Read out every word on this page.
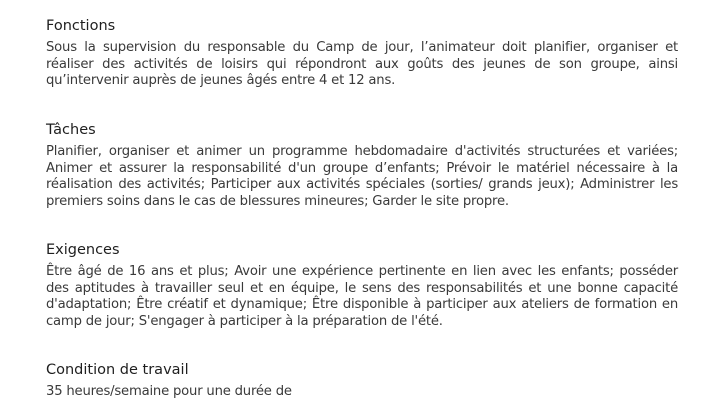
Fonctions

Sous la supervision du responsable du Camp de jour, l’animateur doit planifier, organiser et réaliser des activités de loisirs qui répondront aux goûts des jeunes de son groupe, ainsi qu’intervenir auprès de jeunes âgés entre 4 et 12 ans.

Tâches

Planifier, organiser et animer un programme hebdomadaire d'activités structurées et variées; Animer et assurer la responsabilité d'un groupe d’enfants; Prévoir le matériel nécessaire à la réalisation des activités; Participer aux activités spéciales (sorties/ grands jeux); Administrer les premiers soins dans le cas de blessures mineures; Garder le site propre.

Exigences

Être âgé de 16 ans et plus; Avoir une expérience pertinente en lien avec les enfants; posséder des aptitudes à travailler seul et en équipe, le sens des responsabilités et une bonne capacité d'adaptation; Être créatif et dynamique; Être disponible à participer aux ateliers de formation en camp de jour; S'engager à participer à la préparation de l'été.

Condition de travail

35 heures/semaine pour une durée de
